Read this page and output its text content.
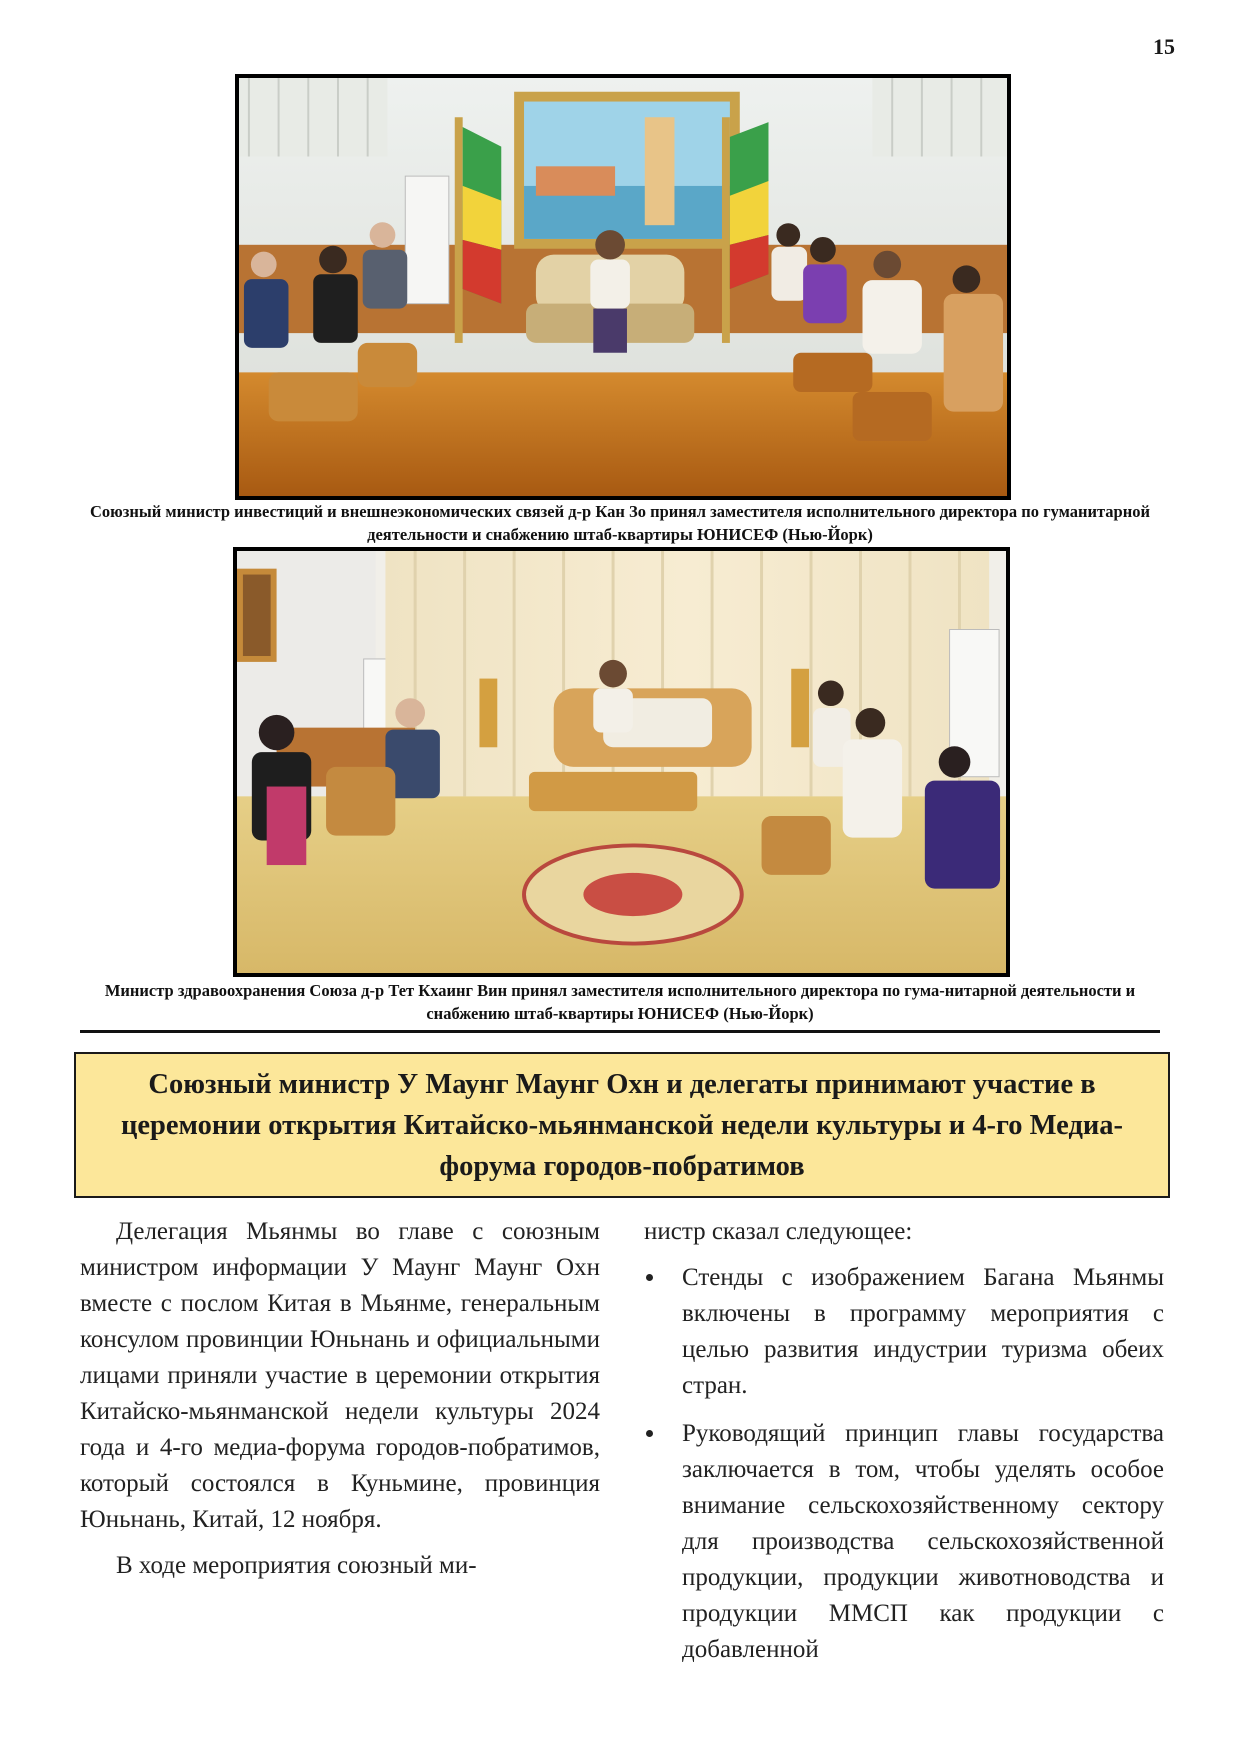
15
Союзный министр инвестиций и внешнеэкономических связей д-р Кан Зо принял заместителя исполнительного директора по гуманитарной деятельности и снабжению штаб-квартиры ЮНИСЕФ (Нью-Йорк)
Министр здравоохранения Союза д-р Тет Кхаинг Вин принял заместителя исполнительного директора по гума-нитарной деятельности и снабжению штаб-квартиры ЮНИСЕФ (Нью-Йорк)
Союзный министр У Маунг Маунг Охн и делегаты принимают участие в церемонии открытия Китайско-мьянманской недели культуры и 4-го Медиа-форума городов-побратимов

Делегация Мьянмы во главе с союзным министром информации У Маунг Маунг Охн вместе с послом Китая в Мьянме, генеральным консулом провинции Юньнань и официальными лицами приняли участие в церемонии открытия Китайско-мьянманской недели культуры 2024 года и 4-го медиа-форума городов-побратимов, который состоялся в Куньмине, провинция Юньнань, Китай, 12 ноября.

В ходе мероприятия союзный ми-

нистр сказал следующее:

Стенды с изображением Багана Мьянмы включены в программу мероприятия с целью развития индустрии туризма обеих стран.
Руководящий принцип главы государства заключается в том, чтобы уделять особое внимание сельскохозяйственному сектору для производства сельскохозяйственной продукции, продукции животноводства и продукции ММСП как продукции с добавленной
